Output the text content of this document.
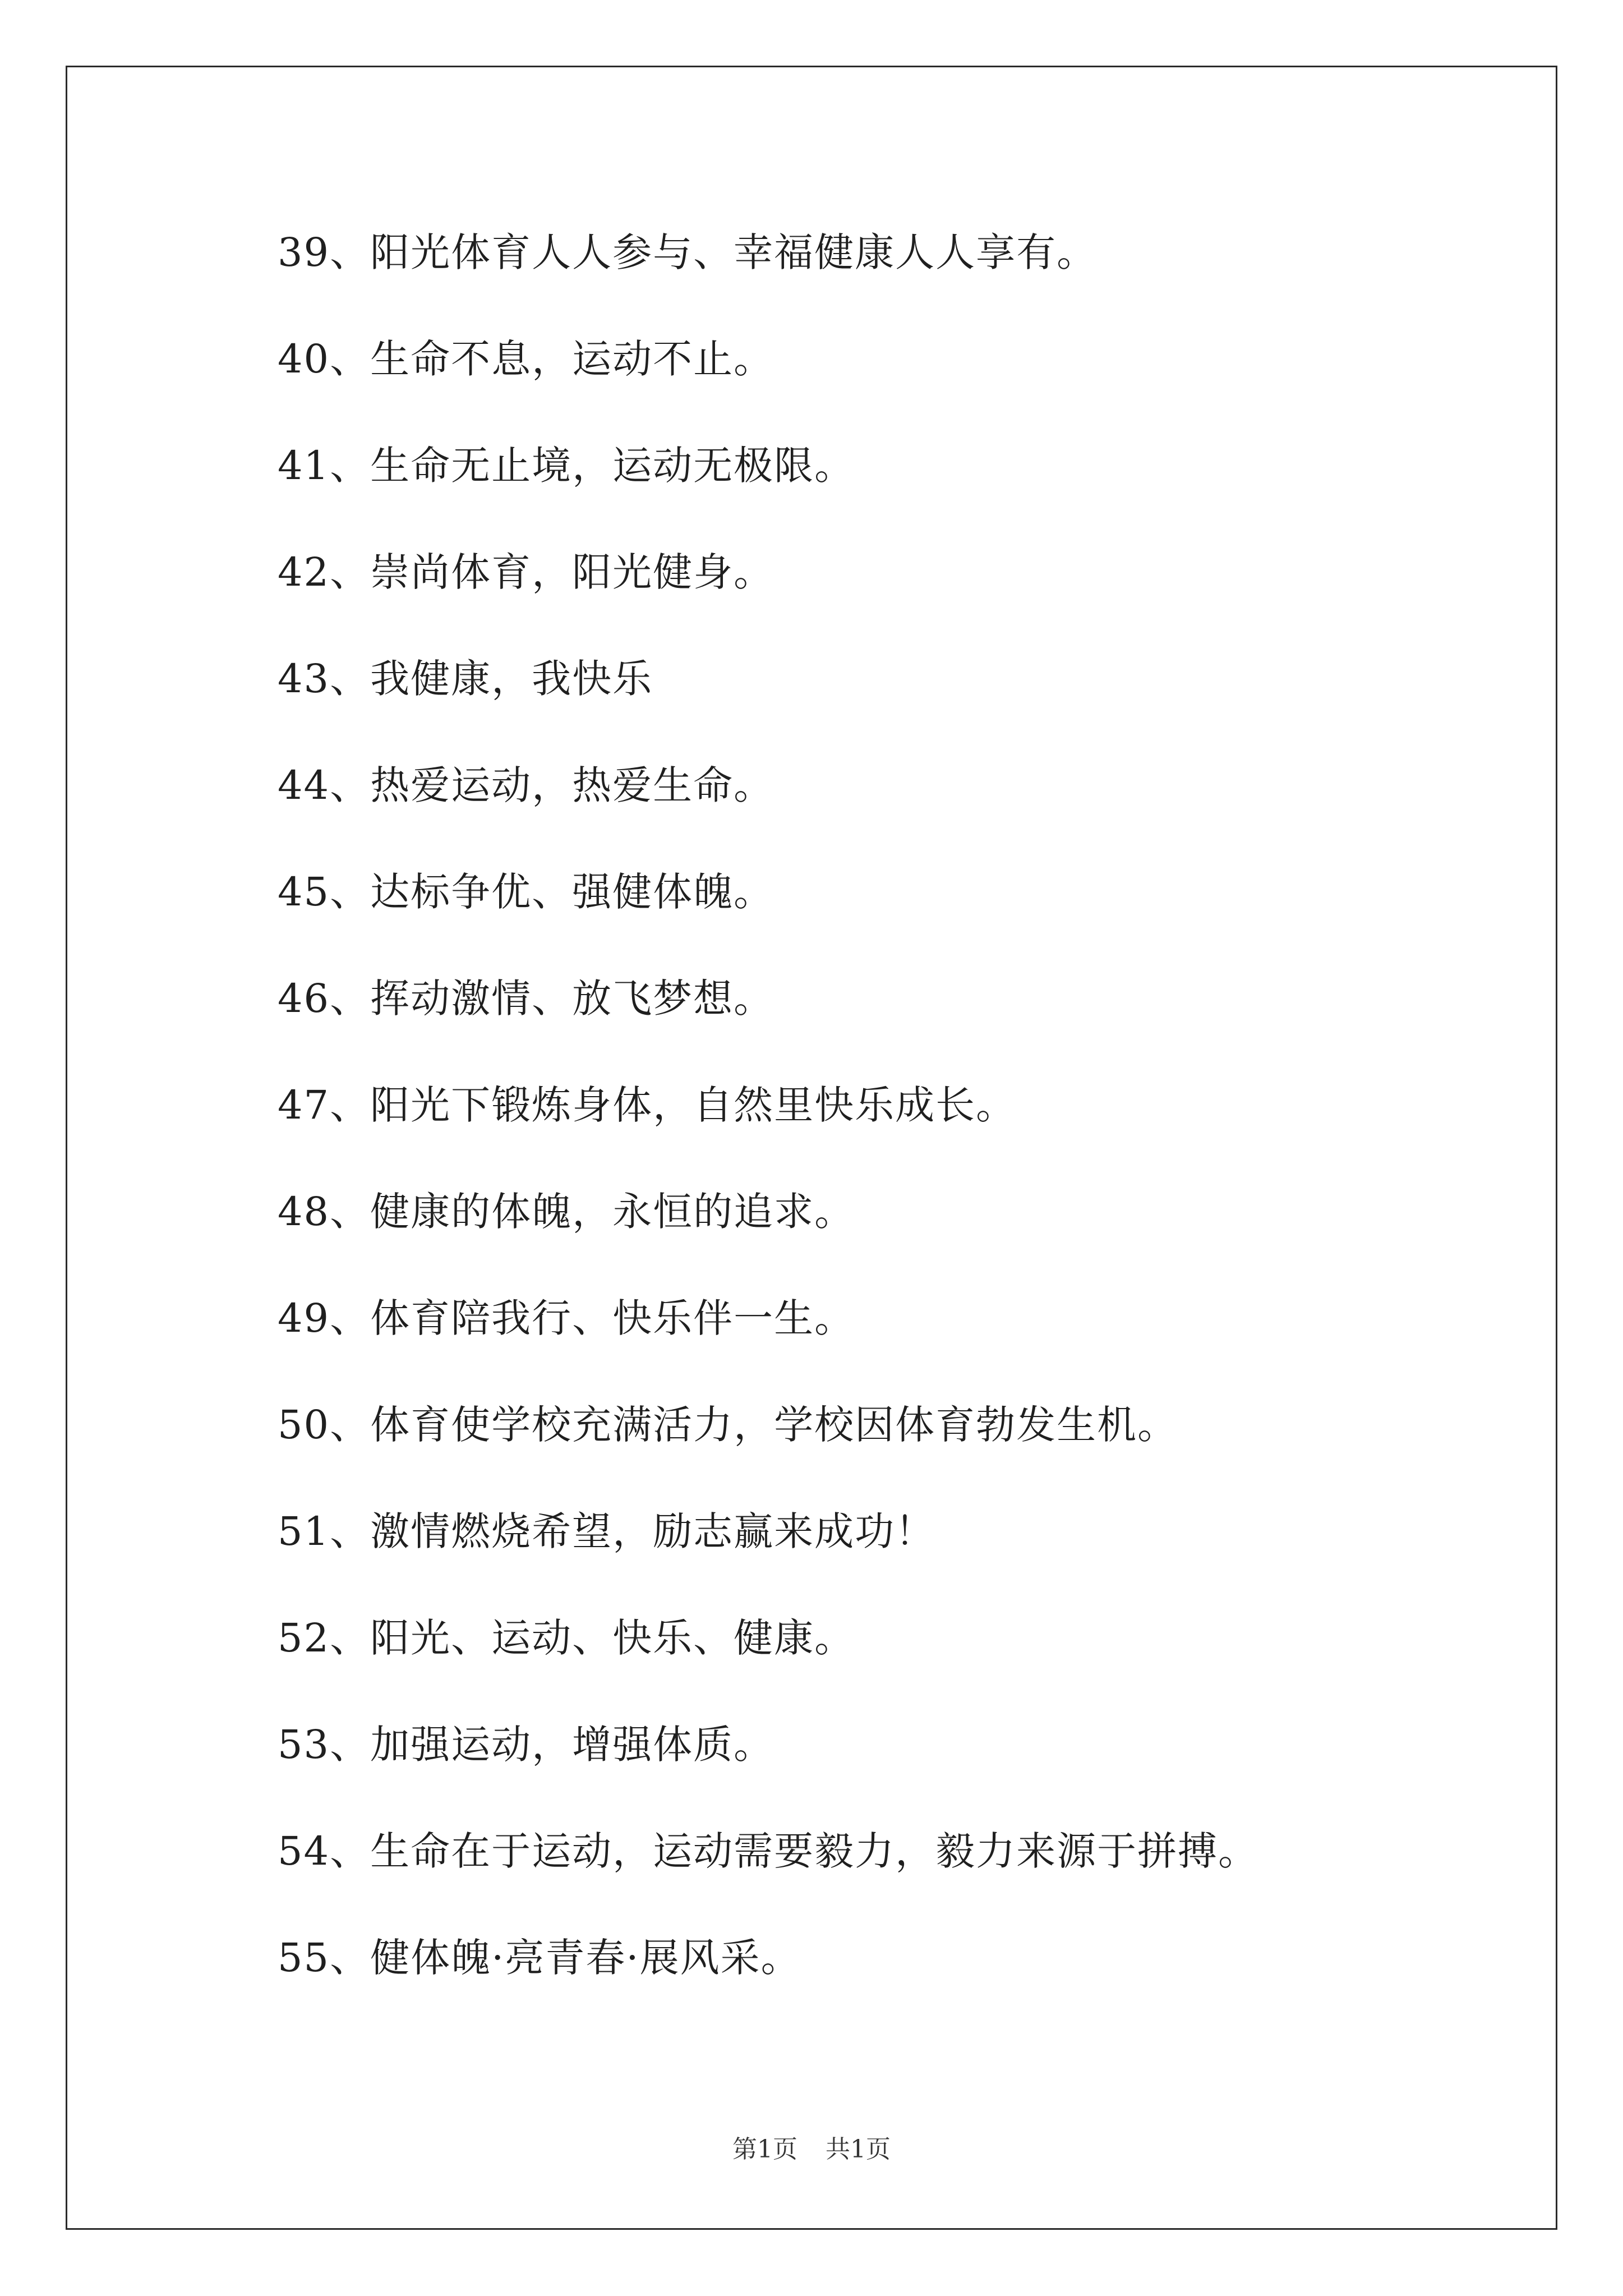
39、阳光体育人人参与、幸福健康人人享有。
40、生命不息，运动不止。
41、生命无止境，运动无极限。
42、崇尚体育，阳光健身。
43、我健康，我快乐
44、热爱运动，热爱生命。
45、达标争优、强健体魄。
46、挥动激情、放飞梦想。
47、阳光下锻炼身体，自然里快乐成长。
48、健康的体魄，永恒的追求。
49、体育陪我行、快乐伴一生。
50、体育使学校充满活力，学校因体育勃发生机。
51、激情燃烧希望，励志赢来成功！
52、阳光、运动、快乐、健康。
53、加强运动，增强体质。
54、生命在于运动，运动需要毅力，毅力来源于拼搏。
55、健体魄·亮青春·展风采。
第1页 共1页
